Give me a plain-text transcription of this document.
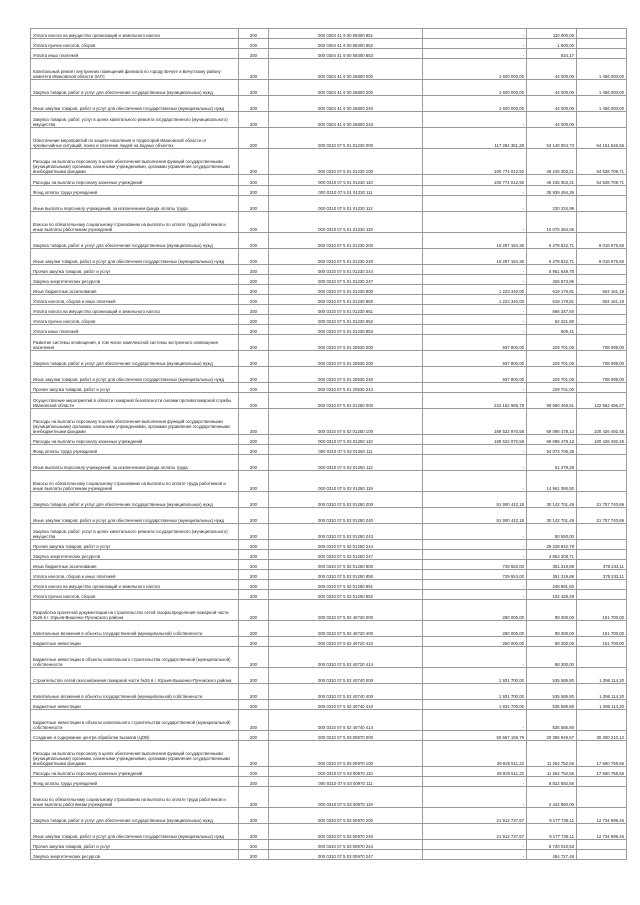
Уплата налога на имущество организаций и земельного налога	200	000 0304 41 9 00 59300 851	-	110 000,00	
Уплата прочих налогов, сборов	200	000 0304 41 9 00 59300 852	-	1 500,00	
Уплата иных платежей	200	000 0304 41 9 00 59300 853	-	834,17	
Капитальный ремонт внутренних помещений филиала по городу Вичуге и Вичугскому району комитета Ивановской области ЗАГС	200	000 0304 41 9 00 25800 000	1 500 000,00	44 000,00	1 456 000,00
Закупка товаров, работ и услуг для обеспечения государственных (муниципальных) нужд	200	000 0304 41 9 00 25800 200	1 500 000,00	44 000,00	1 456 000,00
Иные закупки товаров, работ и услуг для обеспечения государственных (муниципальных) нужд	200	000 0304 41 9 00 25800 240	1 500 000,00	44 000,00	1 456 000,00
Закупка товаров, работ, услуг в целях капитального ремонта государственного (муниципального) имущества	200	000 0304 41 9 00 25800 243	-	44 000,00	
Обеспечение мероприятий по защите населения и территорий Ивановской области от чрезвычайных ситуаций, поиск и спасение людей на водных объектах	200	000 0310 07 5 01 01230 000	117 284 351,28	53 140 004,73	64 151 546,55
Расходы на выплаты персоналу в целях обеспечения выполнения функций государственными (муниципальными) органами, казенными учреждениями, органами управления государственными внебюджетными фондами	200	000 0310 07 5 01 01230 100	100 774 012,92	46 245 303,21	54 528 709,71
Расходы на выплаты персоналу казенных учреждений	200	000 0310 07 5 01 01230 110	100 774 012,92	46 245 303,21	54 528 709,71
Фонд оплаты труда учреждений	200	000 0310 07 5 01 01230 111	-	35 939 484,26	
Иные выплаты персоналу учреждений, за исключением фонда оплаты труда	200	000 0310 07 5 01 01230 112	-	230 334,99	
Взносы по обязательному социальному страхованию на выплаты по оплате труда работников и иные выплаты работникам учреждений	200	000 0310 07 5 01 01230 119	-	10 075 484,06	
Закупка товаров, работ и услуг для обеспечения государственных (муниципальных) нужд	200	000 0310 07 5 01 01230 200	15 287 194,36	6 278 522,71	9 018 675,65
Иные закупки товаров, работ и услуг для обеспечения государственных (муниципальных) нужд	200	000 0310 07 5 01 01230 240	15 287 194,36	6 278 522,71	9 018 675,65
Прочая закупка товаров, работ и услуг	200	000 0310 07 5 01 01230 244	-	5 951 648,75	
Закупка энергетических ресурсов	200	000 0310 07 5 01 01230 247	-	326 873,96	
Иные бюджетные ассигнования	200	000 0310 07 5 01 01230 800	1 223 340,00	619 178,81	604 161,19
Уплата налогов, сборов и иных платежей	200	000 0310 07 5 01 01230 850	1 223 340,00	619 178,81	604 161,19
Уплата налога на имущество организаций и земельного налога	200	000 0310 07 5 01 01230 851	-	566 347,50	
Уплата прочих налогов, сборов	200	000 0310 07 5 01 01230 852	-	52 221,90	
Уплата иных платежей	200	000 0310 07 5 01 01230 853	-	609,41	
Развитие системы оповещения, в том числе комплексной системы экстренного оповещения населения	200	000 0310 07 5 01 20530 000	937 800,00	229 701,00	708 099,00
Закупка товаров, работ и услуг для обеспечения государственных (муниципальных) нужд	200	000 0310 07 5 01 20530 200	937 800,00	229 701,00	708 099,00
Иные закупки товаров, работ и услуг для обеспечения государственных (муниципальных) нужд	200	000 0310 07 5 01 20530 240	937 800,00	229 701,00	708 099,00
Прочая закупка товаров, работ и услуг	200	000 0310 07 5 01 20530 244	-	229 701,00	
Осуществление мероприятий в области пожарной безопасности силами противопожарной службы Ивановской области	200	000 0310 07 5 02 01250 000	222 152 965,78	99 590 469,51	122 562 496,27
Расходы на выплаты персоналу в целях обеспечения выполнения функций государственными (муниципальными) органами, казенными учреждениями, органами управления государственными внебюджетными фондами	200	000 0310 07 5 02 01250 100	169 522 970,58	69 096 478,13	100 426 492,45
Расходы на выплаты персоналу казенных учреждений	200	000 0310 07 5 02 01250 110	169 522 970,58	69 096 478,13	100 426 492,45
Фонд оплаты труда учреждений	200	000 0310 07 5 02 01250 111	-	54 073 709,35	
Иные выплаты персоналу учреждений, за исключением фонда оплаты труда	200	000 0310 07 5 02 01250 112	-	61 378,28	
Взносы по обязательному социальному страхованию на выплаты по оплате труда работников и иные выплаты работникам учреждений	200	000 0310 07 5 02 01250 119	-	14 961 390,50	
Закупка товаров, работ и услуг для обеспечения государственных (муниципальных) нужд	200	000 0310 07 5 02 01250 200	51 900 442,18	30 142 701,49	21 757 740,69
Иные закупки товаров, работ и услуг для обеспечения государственных (муниципальных) нужд	200	000 0310 07 5 02 01250 240	51 900 442,18	30 142 701,49	21 757 740,69
Закупка товаров, работ, услуг в целях капитального ремонта государственного (муниципального) имущества	200	000 0310 07 5 02 01250 243	-	50 550,00	
Прочая закупка товаров, работ и услуг	200	000 0310 07 5 02 01250 244	-	25 228 842,78	
Закупка энергетических ресурсов	200	000 0310 07 5 02 01250 247	-	4 863 308,71	
Иные бюджетные ассигнования	200	000 0310 07 5 02 01250 800	729 553,00	351 319,89	378 233,11
Уплата налогов, сборов и иных платежей	200	000 0310 07 5 02 01250 850	729 553,00	351 319,89	378 233,11
Уплата налога на имущество организаций и земельного налога	200	000 0310 07 5 02 01250 851	-	248 891,60	
Уплата прочих налогов, сборов	200	000 0310 07 5 02 01250 852	-	102 428,29	
Разработка проектной документации на строительство сетей газораспределения пожарной части №26 в г. Юрьев-Вишенко-Пучежского района	200	000 0310 07 5 02 40720 000	250 000,00	88 300,00	161 700,00
Капитальные вложения в объекты государственной (муниципальной) собственности	200	000 0310 07 5 02 40720 400	250 000,00	88 300,00	161 700,00
Бюджетные инвестиции	200	000 0310 07 5 02 40720 410	250 000,00	88 300,00	161 700,00
Бюджетные инвестиции в объекты капитального строительства государственной (муниципальной) собственности	200	000 0310 07 5 02 40720 414	-	88 300,00	
Строительство сетей газоснабжения пожарной части №26 в г. Юрьев-Вышенко-Пучежского района	200	000 0310 07 5 02 40740 000	1 931 700,00	535 585,80	1 396 114,20
Капитальные вложения в объекты государственной (муниципальной) собственности	200	000 0310 07 5 02 40740 400	1 931 700,00	535 585,80	1 396 114,20
Бюджетные инвестиции	200	000 0310 07 5 02 40740 410	1 931 700,00	535 585,80	1 396 114,20
Бюджетные инвестиции в объекты капитального строительства государственной (муниципальной) собственности	200	000 0310 07 5 02 40740 414	-	535 585,80	
Создание и содержание центра обработки вызовов (ЦОВ)	200	000 0310 07 5 03 00970 000	50 667 159,79	20 396 949,67	30 300 210,12
Расходы на выплаты персоналу в целях обеспечения выполнения функций государственными (муниципальными) органами, казенными учреждениями, органами управления государственными внебюджетными фондами	200	000 0310 07 5 03 00970 100	28 825 511,22	11 264 752,56	17 560 758,66
Расходы на выплаты персоналу казенных учреждений	200	000 0310 07 5 03 00970 110	28 825 511,22	11 264 752,56	17 560 758,66
Фонд оплаты труда учреждений	200	000 0310 07 5 03 00970 111	-	8 822 892,56	
Взносы по обязательному социальному страхованию на выплаты по оплате труда работников и иные выплаты работникам учреждений	200	000 0310 07 5 03 00970 119	-	2 442 860,00	
Закупка товаров, работ и услуг для обеспечения государственных (муниципальных) нужд	200	000 0310 07 5 03 00970 200	21 912 737,57	9 177 738,11	12 734 999,46
Иные закупки товаров, работ и услуг для обеспечения государственных (муниципальных) нужд	200	000 0310 07 5 03 00970 240	21 912 737,57	9 177 738,11	12 734 999,46
Прочая закупка товаров, работ и услуг	200	000 0310 07 5 03 00970 244	-	8 720 010,63	
Закупка энергетических ресурсов	200	000 0310 07 5 03 00970 247	-	454 727,48	
